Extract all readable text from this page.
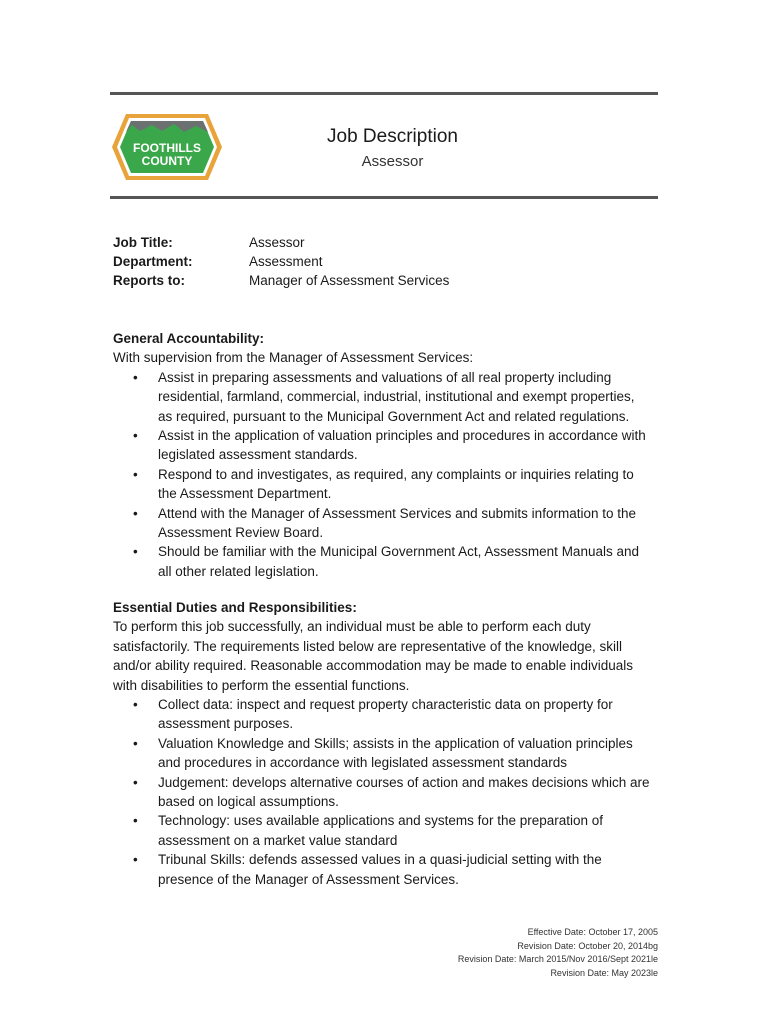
FOOTHILLS
COUNTY
Job Description
Assessor
Job Title:	Assessor
Department:	Assessment
Reports to:	Manager of Assessment Services
General Accountability:
With supervision from the Manager of Assessment Services:
• Assist in preparing assessments and valuations of all real property including
residential, farmland, commercial, industrial, institutional and exempt properties,
as required, pursuant to the Municipal Government Act and related regulations.
• Assist in the application of valuation principles and procedures in accordance with
legislated assessment standards.
• Respond to and investigates, as required, any complaints or inquiries relating to
the Assessment Department.
• Attend with the Manager of Assessment Services and submits information to the
Assessment Review Board.
• Should be familiar with the Municipal Government Act, Assessment Manuals and
all other related legislation.
Essential Duties and Responsibilities:
To perform this job successfully, an individual must be able to perform each duty
satisfactorily. The requirements listed below are representative of the knowledge, skill
and/or ability required. Reasonable accommodation may be made to enable individuals
with disabilities to perform the essential functions.
• Collect data: inspect and request property characteristic data on property for
assessment purposes.
• Valuation Knowledge and Skills; assists in the application of valuation principles
and procedures in accordance with legislated assessment standards
• Judgement: develops alternative courses of action and makes decisions which are
based on logical assumptions.
• Technology: uses available applications and systems for the preparation of
assessment on a market value standard
• Tribunal Skills: defends assessed values in a quasi-judicial setting with the
presence of the Manager of Assessment Services.
Effective Date: October 17, 2005
Revision Date: October 20, 2014bg
Revision Date: March 2015/Nov 2016/Sept 2021le
Revision Date: May 2023le
